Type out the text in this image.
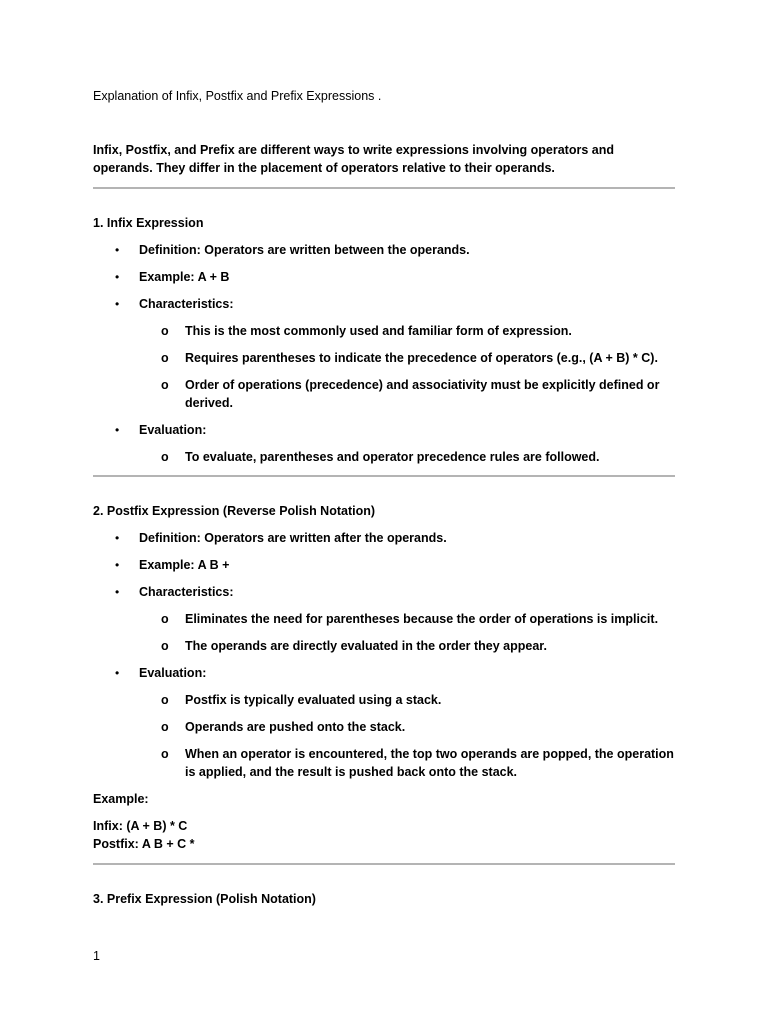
Explanation of Infix, Postfix and Prefix Expressions .

Infix, Postfix, and Prefix are different ways to write expressions involving operators and operands. They differ in the placement of operators relative to their operands.

1. Infix Expression

• Definition: Operators are written between the operands.

• Example: A + B

• Characteristics:

o This is the most commonly used and familiar form of expression.

o Requires parentheses to indicate the precedence of operators (e.g., (A + B) * C).

o Order of operations (precedence) and associativity must be explicitly defined or derived.

• Evaluation:

o To evaluate, parentheses and operator precedence rules are followed.

2. Postfix Expression (Reverse Polish Notation)

• Definition: Operators are written after the operands.

• Example: A B +

• Characteristics:

o Eliminates the need for parentheses because the order of operations is implicit.

o The operands are directly evaluated in the order they appear.

• Evaluation:

o Postfix is typically evaluated using a stack.

o Operands are pushed onto the stack.

o When an operator is encountered, the top two operands are popped, the operation is applied, and the result is pushed back onto the stack.

Example:

Infix: (A + B) * C

Postfix: A B + C *

3. Prefix Expression (Polish Notation)

1
